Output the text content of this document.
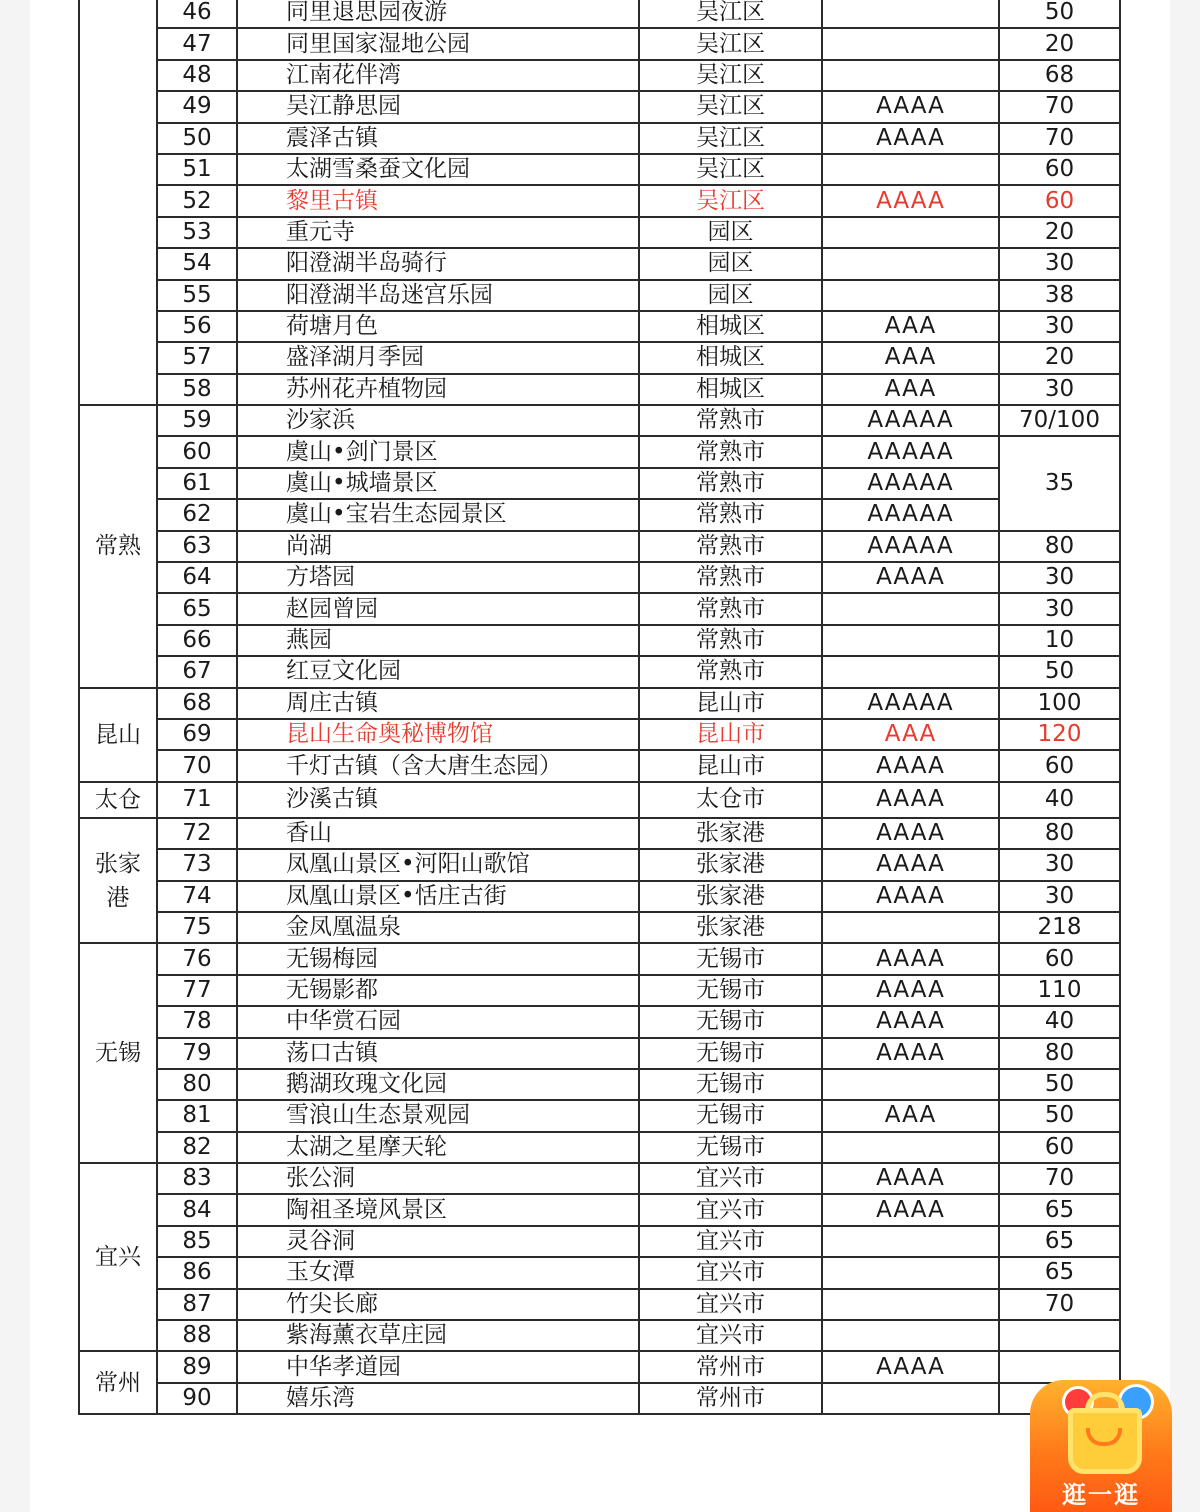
	46	同里退思园夜游	吴江区		50
	47	同里国家湿地公园	吴江区		20
	48	江南花伴湾	吴江区		68
	49	吴江静思园	吴江区	AAAA	70
	50	震泽古镇	吴江区	AAAA	70
	51	太湖雪桑蚕文化园	吴江区		60
	52	黎里古镇	吴江区	AAAA	60
	53	重元寺	园区		20
	54	阳澄湖半岛骑行	园区		30
	55	阳澄湖半岛迷宫乐园	园区		38
	56	荷塘月色	相城区	AAA	30
	57	盛泽湖月季园	相城区	AAA	20
	58	苏州花卉植物园	相城区	AAA	30
常熟	59	沙家浜	常熟市	AAAAA	70/100
	60	虞山•剑门景区	常熟市	AAAAA	35
	61	虞山•城墙景区	常熟市	AAAAA	
	62	虞山•宝岩生态园景区	常熟市	AAAAA	
	63	尚湖	常熟市	AAAAA	80
	64	方塔园	常熟市	AAAA	30
	65	赵园曾园	常熟市		30
	66	燕园	常熟市		10
	67	红豆文化园	常熟市		50
昆山	68	周庄古镇	昆山市	AAAAA	100
	69	昆山生命奥秘博物馆	昆山市	AAA	120
	70	千灯古镇（含大唐生态园）	昆山市	AAAA	60
太仓	71	沙溪古镇	太仓市	AAAA	40
张家港	72	香山	张家港	AAAA	80
	73	凤凰山景区•河阳山歌馆	张家港	AAAA	30
	74	凤凰山景区•恬庄古街	张家港	AAAA	30
	75	金凤凰温泉	张家港		218
无锡	76	无锡梅园	无锡市	AAAA	60
	77	无锡影都	无锡市	AAAA	110
	78	中华赏石园	无锡市	AAAA	40
	79	荡口古镇	无锡市	AAAA	80
	80	鹅湖玫瑰文化园	无锡市		50
	81	雪浪山生态景观园	无锡市	AAA	50
	82	太湖之星摩天轮	无锡市		60
宜兴	83	张公洞	宜兴市	AAAA	70
	84	陶祖圣境风景区	宜兴市	AAAA	65
	85	灵谷洞	宜兴市		65
	86	玉女潭	宜兴市		65
	87	竹尖长廊	宜兴市		70
	88	紫海薰衣草庄园	宜兴市		
常州	89	中华孝道园	常州市	AAAA	
	90	嬉乐湾	常州市		
逛一逛
